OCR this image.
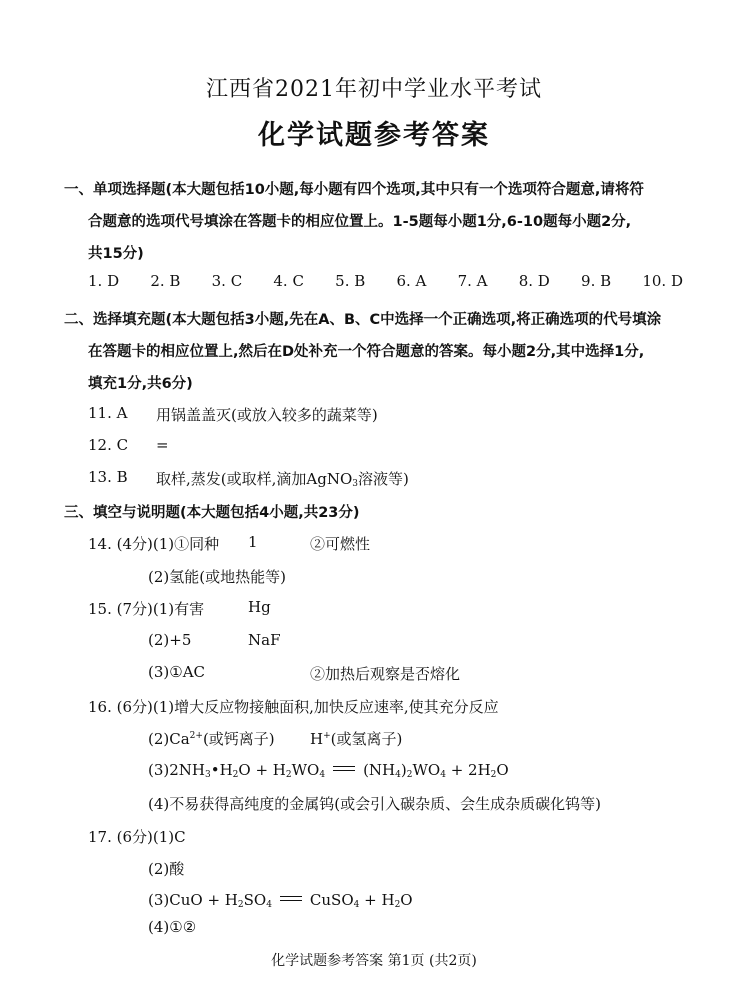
江西省2021年初中学业水平考试
化学试题参考答案
一、单项选择题(本大题包括10小题,每小题有四个选项,其中只有一个选项符合题意,请将符
合题意的选项代号填涂在答题卡的相应位置上。1-5题每小题1分,6-10题每小题2分,
共15分)
1. D 2. B 3. C 4. C 5. B 6. A 7. A 8. D 9. B 10. D
二、选择填充题(本大题包括3小题,先在A、B、C中选择一个正确选项,将正确选项的代号填涂
在答题卡的相应位置上,然后在D处补充一个符合题意的答案。每小题2分,其中选择1分,
填充1分,共6分)
11. A 用锅盖盖灭(或放入较多的蔬菜等)
12. C =
13. B 取样,蒸发(或取样,滴加AgNO$_3$溶液等)
三、填空与说明题(本大题包括4小题,共23分)
14. (4分)(1)①同种 1	②可燃性
(2)氢能(或地热能等)
15. (7分)(1)有害	Hg
(2)+5	NaF
(3)①AC	②加热后观察是否熔化
16. (6分)(1)增大反应物接触面积,加快反应速率,使其充分反应
$(2)Ca^{2+}$(或钙离子) H+(或氢离子)
$(3)2NH_3•H_2O + H_2WO_4$	$(NH_4)_2WO_4 + 2H_2O$
(4)不易获得高纯度的金属钨(或会引入碳杂质、会生成杂质碳化钨等)
17. (6分)(1)C
(2)酸
$(3)CuO + H_2SO_4$	CuSO$_4$ + $H_2O$
(4)①②
化学试题参考答案 第1页 (共2页)
